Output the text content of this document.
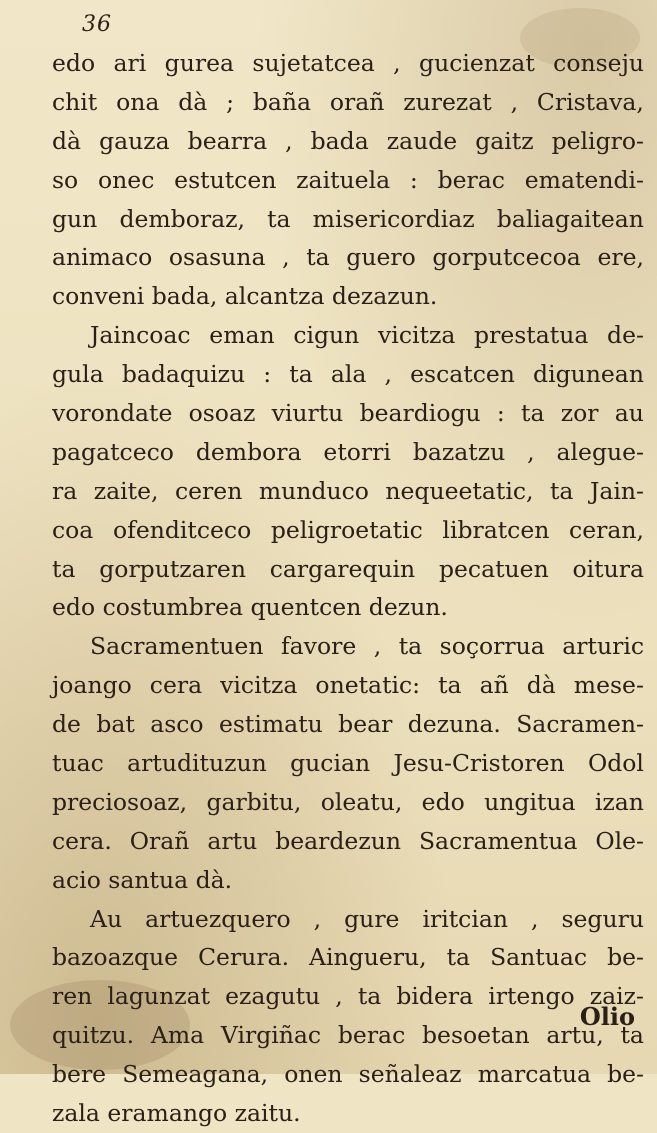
36
edo ari gurea sujetatcea , gucienzat conseju
chit ona dà ; baña orañ zurezat , Cristava,
dà gauza bearra , bada zaude gaitz peligro-
so onec estutcen zaituela : berac ematendi-
gun demboraz, ta misericordiaz baliagaitean
animaco osasuna , ta guero gorputcecoa ere,
conveni bada, alcantza dezazun.
Jaincoac eman cigun vicitza prestatua de-
gula badaquizu : ta ala , escatcen digunean
vorondate osoaz viurtu beardiogu : ta zor au
pagatceco dembora etorri bazatzu , alegue-
ra zaite, ceren munduco nequeetatic, ta Jain-
coa ofenditceco peligroetatic libratcen ceran,
ta gorputzaren cargarequin pecatuen oitura
edo costumbrea quentcen dezun.
Sacramentuen favore , ta soçorrua arturic
joango cera vicitza onetatic: ta añ dà mese-
de bat asco estimatu bear dezuna. Sacramen-
tuac artudituzun gucian Jesu-Cristoren Odol
preciosoaz, garbitu, oleatu, edo ungitua izan
cera. Orañ artu beardezun Sacramentua Ole-
acio santua dà.
Au artuezquero , gure iritcian , seguru
bazoazque Cerura. Ainguеru, ta Santuac be-
ren lagunzat ezagutu , ta bidera irtengo zaiz-
quitzu. Ama Virgiñac berac besoetan artu, ta
bere Semeagana, onen señaleaz marcatua be-
zala eramango zaitu.
Olio
